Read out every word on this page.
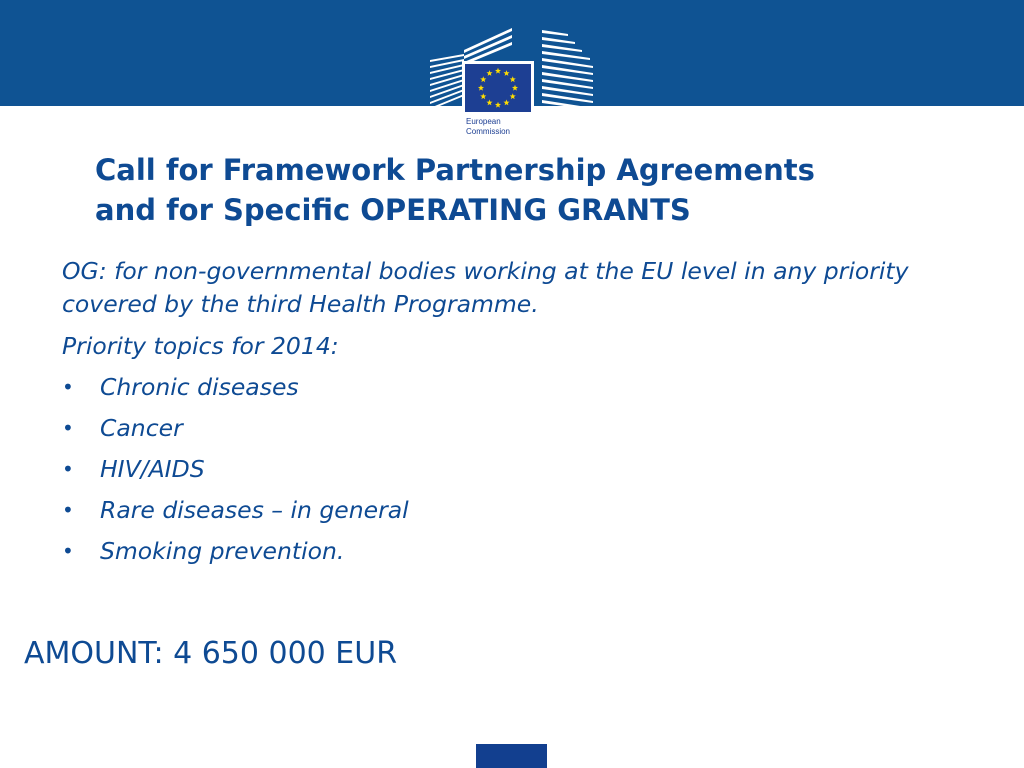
European
Commission
Call for Framework Partnership Agreements
and for Specific OPERATING GRANTS

OG: for non-governmental bodies working at the EU level in any priority covered by the third Health Programme.

Priority topics for 2014:

• Chronic diseases
• Cancer
• HIV/AIDS
• Rare diseases – in general
• Smoking prevention.
AMOUNT: 4 650 000 EUR
